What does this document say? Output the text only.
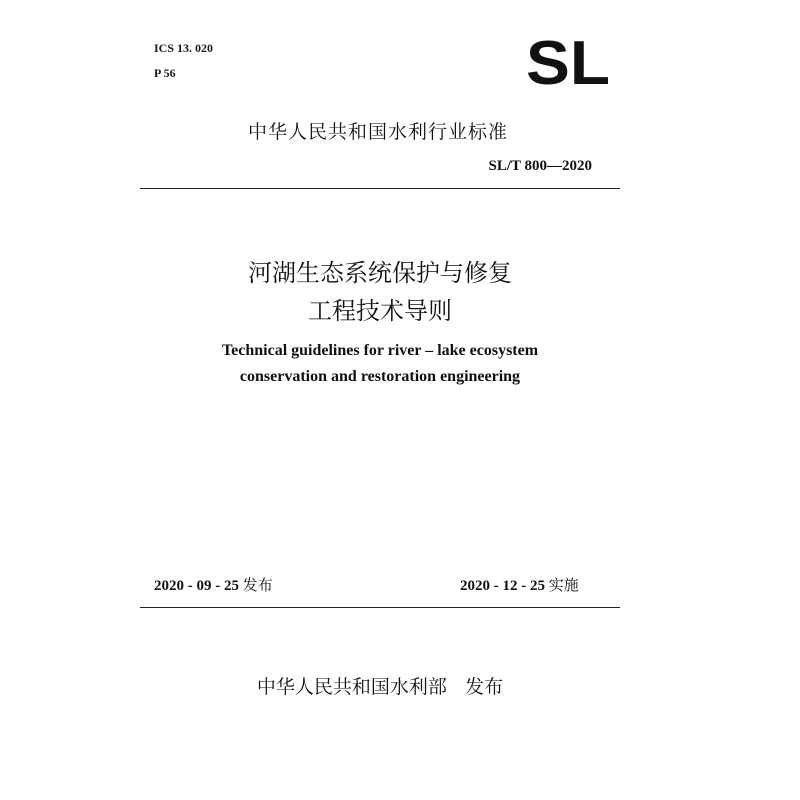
ICS 13. 020
P 56	SL
中华人民共和国水利行业标准
SL/T 800—2020
河湖生态系统保护与修复
工程技术导则
Technical guidelines for river – lake ecosystem
conservation and restoration engineering
2020 - 09 - 25 发布	2020 - 12 - 25 实施
中华人民共和国水利部 发布
